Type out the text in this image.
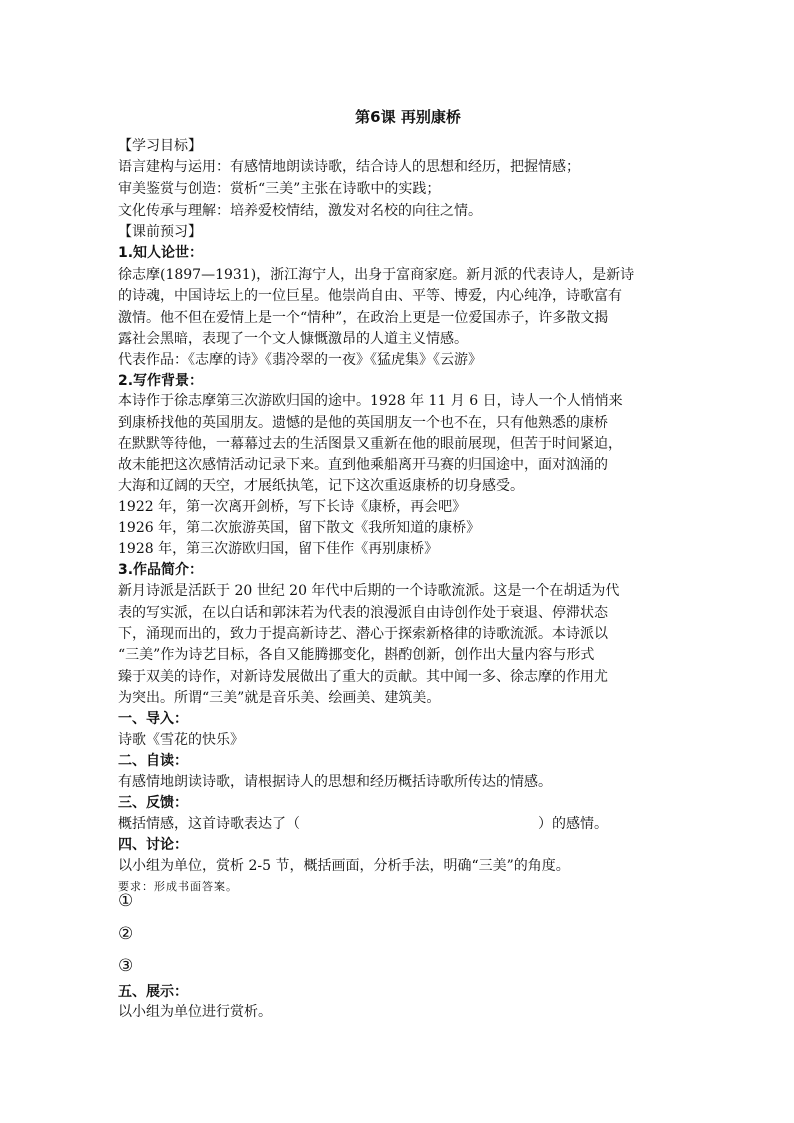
第6课 再别康桥
【学习目标】
语言建构与运用：有感情地朗读诗歌，结合诗人的思想和经历，把握情感；
审美鉴赏与创造：赏析“三美”主张在诗歌中的实践；
文化传承与理解：培养爱校情结，激发对名校的向往之情。
【课前预习】
1.知人论世：
徐志摩(1897—1931)，浙江海宁人，出身于富商家庭。新月派的代表诗人，是新诗
的诗魂，中国诗坛上的一位巨星。他崇尚自由、平等、博爱，内心纯净，诗歌富有
激情。他不但在爱情上是一个“情种”，在政治上更是一位爱国赤子，许多散文揭
露社会黑暗，表现了一个文人慷慨激昂的人道主义情感。
代表作品：《志摩的诗》《翡冷翠的一夜》《猛虎集》《云游》
2.写作背景：
本诗作于徐志摩第三次游欧归国的途中。1928 年 11 月 6 日，诗人一个人悄悄来
到康桥找他的英国朋友。遗憾的是他的英国朋友一个也不在，只有他熟悉的康桥
在默默等待他，一幕幕过去的生活图景又重新在他的眼前展现，但苦于时间紧迫，
故未能把这次感情活动记录下来。直到他乘船离开马赛的归国途中，面对汹涌的
大海和辽阔的天空，才展纸执笔，记下这次重返康桥的切身感受。
1922 年，第一次离开剑桥，写下长诗《康桥，再会吧》
1926 年，第二次旅游英国，留下散文《我所知道的康桥》
1928 年，第三次游欧归国，留下佳作《再别康桥》
3.作品简介：
新月诗派是活跃于 20 世纪 20 年代中后期的一个诗歌流派。这是一个在胡适为代
表的写实派，在以白话和郭沫若为代表的浪漫派自由诗创作处于衰退、停滞状态
下，涌现而出的，致力于提高新诗艺、潜心于探索新格律的诗歌流派。本诗派以
“三美”作为诗艺目标，各自又能腾挪变化，斟酌创新，创作出大量内容与形式
臻于双美的诗作，对新诗发展做出了重大的贡献。其中闻一多、徐志摩的作用尤
为突出。所谓“三美”就是音乐美、绘画美、建筑美。
一、导入：
诗歌《雪花的快乐》
二、自读：
有感情地朗读诗歌，请根据诗人的思想和经历概括诗歌所传达的情感。
三、反馈：
概括情感，这首诗歌表达了（	）的感情。
四、讨论：
以小组为单位，赏析 2-5 节，概括画面，分析手法，明确“三美”的角度。
要求：形成书面答案。
①
②
③
五、展示：
以小组为单位进行赏析。
